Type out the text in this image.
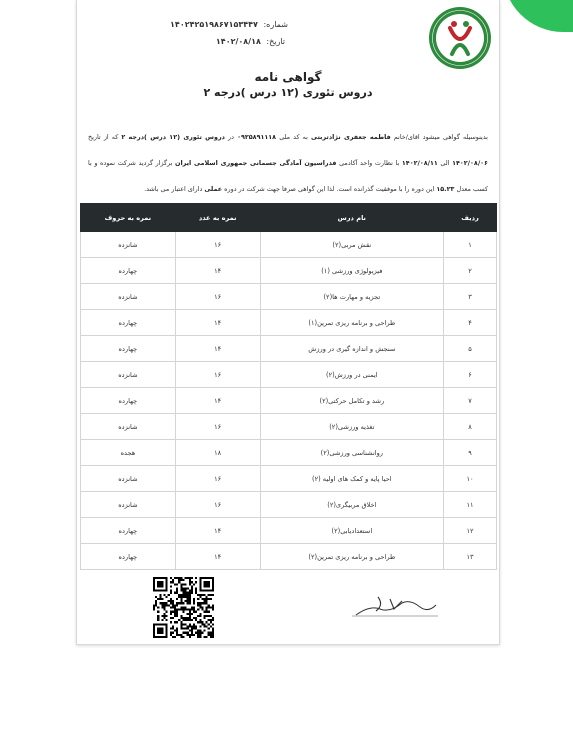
شماره: ۱۴۰۲۴۲۵۱۹۸۶۷۱۵۳۴۴۷
تاریخ: ۱۴۰۲/۰۸/۱۸
گواهی نامه
دروس تئوری (۱۲ درس )درجه ۲
بدینوسیله گواهی میشود اقای/خانم فاطمه جعفری نژادتربتی به کد ملی ۰۹۲۵۸۹۱۱۱۸ در دروس تئوری (۱۲ درس )درجه ۲ که از تاریخ ۱۴۰۲/۰۸/۰۶ الی ۱۴۰۲/۰۸/۱۱ با نظارت واحد آکادمی فدراسیون آمادگی جسمانی جمهوری اسلامی ایران برگزار گردید شرکت نموده و با کسب معدل ۱۵.۲۳ این دوره را با موفقیت گذرانده است. لذا این گواهی صرفا جهت شرکت در دوره عملی دارای اعتبار می باشد.
ردیف	نام درس	نمره به عدد	نمره به حروف
۱	نقش مربی(۲)	۱۶	شانزده
۲	فیزیولوژی ورزشی (۱)	۱۴	چهارده
۳	تجزیه و مهارت ها(۲)	۱۶	شانزده
۴	طراحی و برنامه ریزی تمرین(۱)	۱۴	چهارده
۵	سنجش و اندازه گیری در ورزش	۱۴	چهارده
۶	ایمنی در ورزش(۲)	۱۶	شانزده
۷	رشد و تکامل حرکتی(۲)	۱۴	چهارده
۸	تغذیه ورزشی(۲)	۱۶	شانزده
۹	روانشناسی ورزشی(۲)	۱۸	هجده
۱۰	احیا پایه و کمک های اولیه (۲)	۱۶	شانزده
۱۱	اخلاق مربیگری(۲)	۱۶	شانزده
۱۲	استعدادیابی(۲)	۱۴	چهارده
۱۳	طراحی و برنامه ریزی تمرین(۲)	۱۴	چهارده
